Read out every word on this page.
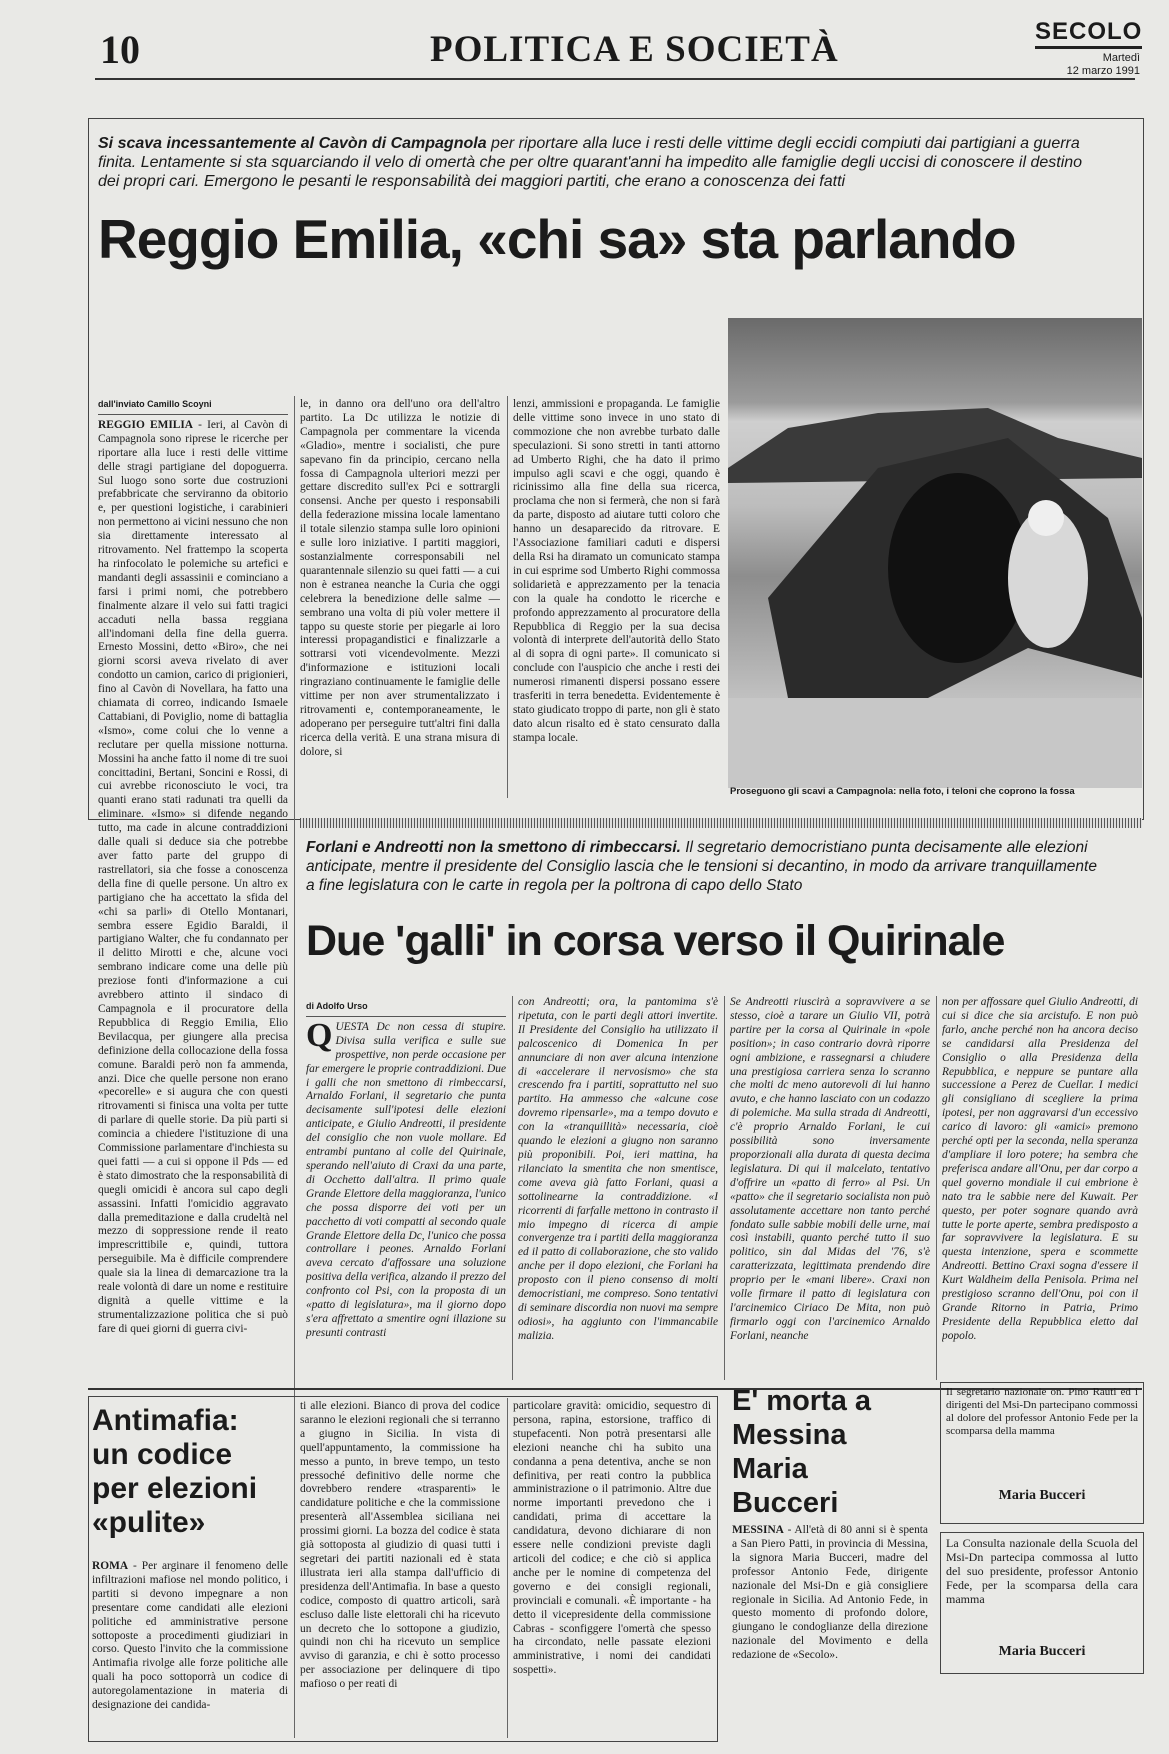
10	POLITICA E SOCIETÀ	SECOLO
Martedì
12 marzo 1991
Si scava incessantemente al Cavòn di Campagnola per riportare alla luce i resti delle vittime degli eccidi compiuti dai partigiani a guerra finita. Lentamente si sta squarciando il velo di omertà che per oltre quarant'anni ha impedito alle famiglie degli uccisi di conoscere il destino dei propri cari. Emergono le pesanti le responsabilità dei maggiori partiti, che erano a conoscenza dei fatti
Reggio Emilia, «chi sa» sta parlando
dall'inviato Camillo Scoyni
REGGIO EMILIA - Ieri, al Cavòn di Campagnola sono riprese le ricerche per riportare alla luce i resti delle vittime delle stragi partigiane del dopoguerra. Sul luogo sono sorte due costruzioni prefabbricate che serviranno da obitorio e, per questioni logistiche, i carabinieri non permettono ai vicini nessuno che non sia direttamente interessato al ritrovamento. Nel frattempo la scoperta ha rinfocolato le polemiche su artefici e mandanti degli assassinii e cominciano a farsi i primi nomi, che potrebbero finalmente alzare il velo sui fatti tragici accaduti nella bassa reggiana all'indomani della fine della guerra. Ernesto Mossini, detto «Biro», che nei giorni scorsi aveva rivelato di aver condotto un camion, carico di prigionieri, fino al Cavòn di Novellara, ha fatto una chiamata di correo, indicando Ismaele Cattabiani, di Poviglio, nome di battaglia «Ismo», come colui che lo venne a reclutare per quella missione notturna. Mossini ha anche fatto il nome di tre suoi concittadini, Bertani, Soncini e Rossi, di cui avrebbe riconosciuto le voci, tra quanti erano stati radunati tra quelli da eliminare. «Ismo» si difende negando tutto, ma cade in alcune contraddizioni dalle quali si deduce sia che potrebbe aver fatto parte del gruppo di rastrellatori, sia che fosse a conoscenza della fine di quelle persone. Un altro ex partigiano che ha accettato la sfida del «chi sa parli» di Otello Montanari, sembra essere Egidio Baraldi, il partigiano Walter, che fu condannato per il delitto Mirotti e che, alcune voci sembrano indicare come una delle più preziose fonti d'informazione a cui avrebbero attinto il sindaco di Campagnola e il procuratore della Repubblica di Reggio Emilia, Elio Bevilacqua, per giungere alla precisa definizione della collocazione della fossa comune. Baraldi però non fa ammenda, anzi. Dice che quelle persone non erano «pecorelle» e si augura che con questi ritrovamenti si finisca una volta per tutte di parlare di quelle storie. Da più parti si comincia a chiedere l'istituzione di una Commissione parlamentare d'inchiesta su quei fatti — a cui si oppone il Pds — ed è stato dimostrato che la responsabilità di quegli omicidi è ancora sul capo degli assassini. Infatti l'omicidio aggravato dalla premeditazione e dalla crudeltà nel mezzo di soppressione rende il reato imprescrittibile e, quindi, tuttora perseguibile. Ma è difficile comprendere quale sia la linea di demarcazione tra la reale volontà di dare un nome e restituire dignità a quelle vittime e la strumentalizzazione politica che si può fare di quei giorni di guerra civi-
le, in danno ora dell'uno ora dell'altro partito. La Dc utilizza le notizie di Campagnola per commentare la vicenda «Gladio», mentre i socialisti, che pure sapevano fin da principio, cercano nella fossa di Campagnola ulteriori mezzi per gettare discredito sull'ex Pci e sottrargli consensi. Anche per questo i responsabili della federazione missina locale lamentano il totale silenzio stampa sulle loro opinioni e sulle loro iniziative. I partiti maggiori, sostanzialmente corresponsabili nel quarantennale silenzio su quei fatti — a cui non è estranea neanche la Curia che oggi celebrera la benedizione delle salme — sembrano una volta di più voler mettere il tappo su queste storie per piegarle ai loro interessi propagandistici e finalizzarle a sottrarsi voti vicendevolmente. Mezzi d'informazione e istituzioni locali ringraziano continuamente le famiglie delle vittime per non aver strumentalizzato i ritrovamenti e, contemporaneamente, le adoperano per perseguire tutt'altri fini dalla ricerca della verità. E una strana misura di dolore, si
lenzi, ammissioni e propaganda. Le famiglie delle vittime sono invece in uno stato di commozione che non avrebbe turbato dalle speculazioni. Si sono stretti in tanti attorno ad Umberto Righi, che ha dato il primo impulso agli scavi e che oggi, quando è ricinissimo alla fine della sua ricerca, proclama che non si fermerà, che non si farà da parte, disposto ad aiutare tutti coloro che hanno un desaparecido da ritrovare. E l'Associazione familiari caduti e dispersi della Rsi ha diramato un comunicato stampa in cui esprime sod Umberto Righi commossa solidarietà e apprezzamento per la tenacia con la quale ha condotto le ricerche e profondo apprezzamento al procuratore della Repubblica di Reggio per la sua decisa volontà di interprete dell'autorità dello Stato al di sopra di ogni parte». Il comunicato si conclude con l'auspicio che anche i resti dei numerosi rimanenti dispersi possano essere trasferiti in terra benedetta. Evidentemente è stato giudicato troppo di parte, non gli è stato dato alcun risalto ed è stato censurato dalla stampa locale.
Proseguono gli scavi a Campagnola: nella foto, i teloni che coprono la fossa
Forlani e Andreotti non la smettono di rimbeccarsi. Il segretario democristiano punta decisamente alle elezioni anticipate, mentre il presidente del Consiglio lascia che le tensioni si decantino, in modo da arrivare tranquillamente a fine legislatura con le carte in regola per la poltrona di capo dello Stato
Due 'galli' in corsa verso il Quirinale
di Adolfo Urso
Q UESTA Dc non cessa di stupire. Divisa sulla verifica e sulle sue prospettive, non perde occasione per far emergere le proprie contraddizioni. Due i galli che non smettono di rimbeccarsi, Arnaldo Forlani, il segretario che punta decisamente sull'ipotesi delle elezioni anticipate, e Giulio Andreotti, il presidente del consiglio che non vuole mollare. Ed entrambi puntano al colle del Quirinale, sperando nell'aiuto di Craxi da una parte, di Occhetto dall'altra. Il primo quale Grande Elettore della maggioranza, l'unico che possa disporre dei voti per un pacchetto di voti compatti al secondo quale Grande Elettore della Dc, l'unico che possa controllare i peones. Arnaldo Forlani aveva cercato d'affossare una soluzione positiva della verifica, alzando il prezzo del confronto col Psi, con la proposta di un «patto di legislatura», ma il giorno dopo s'era affrettato a smentire ogni illazione su presunti contrasti
con Andreotti; ora, la pantomima s'è ripetuta, con le parti degli attori invertite. Il Presidente del Consiglio ha utilizzato il palcoscenico di Domenica In per annunciare di non aver alcuna intenzione di «accelerare il nervosismo» che sta crescendo fra i partiti, soprattutto nel suo partito. Ha ammesso che «alcune cose dovremo ripensarle», ma a tempo dovuto e con la «tranquillità» necessaria, cioè quando le elezioni a giugno non saranno più proponibili. Poi, ieri mattina, ha rilanciato la smentita che non smentisce, come aveva già fatto Forlani, quasi a sottolinearne la contraddizione. «I ricorrenti di farfalle mettono in contrasto il mio impegno di ricerca di ampie convergenze tra i partiti della maggioranza ed il patto di collaborazione, che sto valido anche per il dopo elezioni, che Forlani ha proposto con il pieno consenso di molti democristiani, me compreso. Sono tentativi di seminare discordia non nuovi ma sempre odiosi», ha aggiunto con l'immancabile malizia.
Se Andreotti riuscirà a sopravvivere a se stesso, cioè a tarare un Giulio VII, potrà partire per la corsa al Quirinale in «pole position»; in caso contrario dovrà riporre ogni ambizione, e rassegnarsi a chiudere una prestigiosa carriera senza lo scranno che molti dc meno autorevoli di lui hanno avuto, e che hanno lasciato con un codazzo di polemiche. Ma sulla strada di Andreotti, c'è proprio Arnaldo Forlani, le cui possibilità sono inversamente proporzionali alla durata di questa decima legislatura. Di qui il malcelato, tentativo d'offrire un «patto di ferro» al Psi. Un «patto» che il segretario socialista non può assolutamente accettare non tanto perché fondato sulle sabbie mobili delle urne, mai così instabili, quanto perché tutto il suo politico, sin dal Midas del '76, s'è caratterizzata, legittimata prendendo dire proprio per le «mani libere». Craxi non volle firmare il patto di legislatura con l'arcinemico Ciriaco De Mita, non può firmarlo oggi con l'arcinemico Arnaldo Forlani, neanche
non per affossare quel Giulio Andreotti, di cui si dice che sia arcistufo. E non può farlo, anche perché non ha ancora deciso se candidarsi alla Presidenza del Consiglio o alla Presidenza della Repubblica, e neppure se puntare alla successione a Perez de Cuellar. I medici gli consigliano di scegliere la prima ipotesi, per non aggravarsi d'un eccessivo carico di lavoro: gli «amici» premono perché opti per la seconda, nella speranza d'ampliare il loro potere; ha sembra che preferisca andare all'Onu, per dar corpo a quel governo mondiale il cui embrione è nato tra le sabbie nere del Kuwait. Per questo, per poter sognare quando avrà tutte le porte aperte, sembra predisposto a far sopravvivere la legislatura. E su questa intenzione, spera e scommette Andreotti. Bettino Craxi sogna d'essere il Kurt Waldheim della Penisola. Prima nel prestigioso scranno dell'Onu, poi con il Grande Ritorno in Patria, Primo Presidente della Repubblica eletto dal popolo.
Antimafia: un codice per elezioni «pulite»
ROMA - Per arginare il fenomeno delle infiltrazioni mafiose nel mondo politico, i partiti si devono impegnare a non presentare come candidati alle elezioni politiche ed amministrative persone sottoposte a procedimenti giudiziari in corso. Questo l'invito che la commissione Antimafia rivolge alle forze politiche alle quali ha poco sottoporrà un codice di autoregolamentazione in materia di designazione dei candida-
ti alle elezioni. Bianco di prova del codice saranno le elezioni regionali che si terranno a giugno in Sicilia. In vista di quell'appuntamento, la commissione ha messo a punto, in breve tempo, un testo pressoché definitivo delle norme che dovrebbero rendere «trasparenti» le candidature politiche e che la commissione presenterà all'Assemblea siciliana nei prossimi giorni. La bozza del codice è stata già sottoposta al giudizio di quasi tutti i segretari dei partiti nazionali ed è stata illustrata ieri alla stampa dall'ufficio di presidenza dell'Antimafia. In base a questo codice, composto di quattro articoli, sarà escluso dalle liste elettorali chi ha ricevuto un decreto che lo sottopone a giudizio, quindi non chi ha ricevuto un semplice avviso di garanzia, e chi è sotto processo per associazione per delinquere di tipo mafioso o per reati di
particolare gravità: omicidio, sequestro di persona, rapina, estorsione, traffico di stupefacenti. Non potrà presentarsi alle elezioni neanche chi ha subito una condanna a pena detentiva, anche se non definitiva, per reati contro la pubblica amministrazione o il patrimonio. Altre due norme importanti prevedono che i candidati, prima di accettare la candidatura, devono dichiarare di non essere nelle condizioni previste dagli articoli del codice; e che ciò si applica anche per le nomine di competenza del governo e dei consigli regionali, provinciali e comunali. «È importante - ha detto il vicepresidente della commissione Cabras - sconfiggere l'omertà che spesso ha circondato, nelle passate elezioni amministrative, i nomi dei candidati sospetti».
E' morta a Messina Maria Bucceri
MESSINA - All'età di 80 anni si è spenta a San Piero Patti, in provincia di Messina, la signora Maria Bucceri, madre del professor Antonio Fede, dirigente nazionale del Msi-Dn e già consigliere regionale in Sicilia. Ad Antonio Fede, in questo momento di profondo dolore, giungano le condoglianze della direzione nazionale del Movimento e della redazione de «Secolo».
Il segretario nazionale on. Pino Rauti ed i dirigenti del Msi-Dn partecipano commossi al dolore del professor Antonio Fede per la scomparsa della mamma
Maria Bucceri
La Consulta nazionale della Scuola del Msi-Dn partecipa commossa al lutto del suo presidente, professor Antonio Fede, per la scomparsa della cara mamma
Maria Bucceri
